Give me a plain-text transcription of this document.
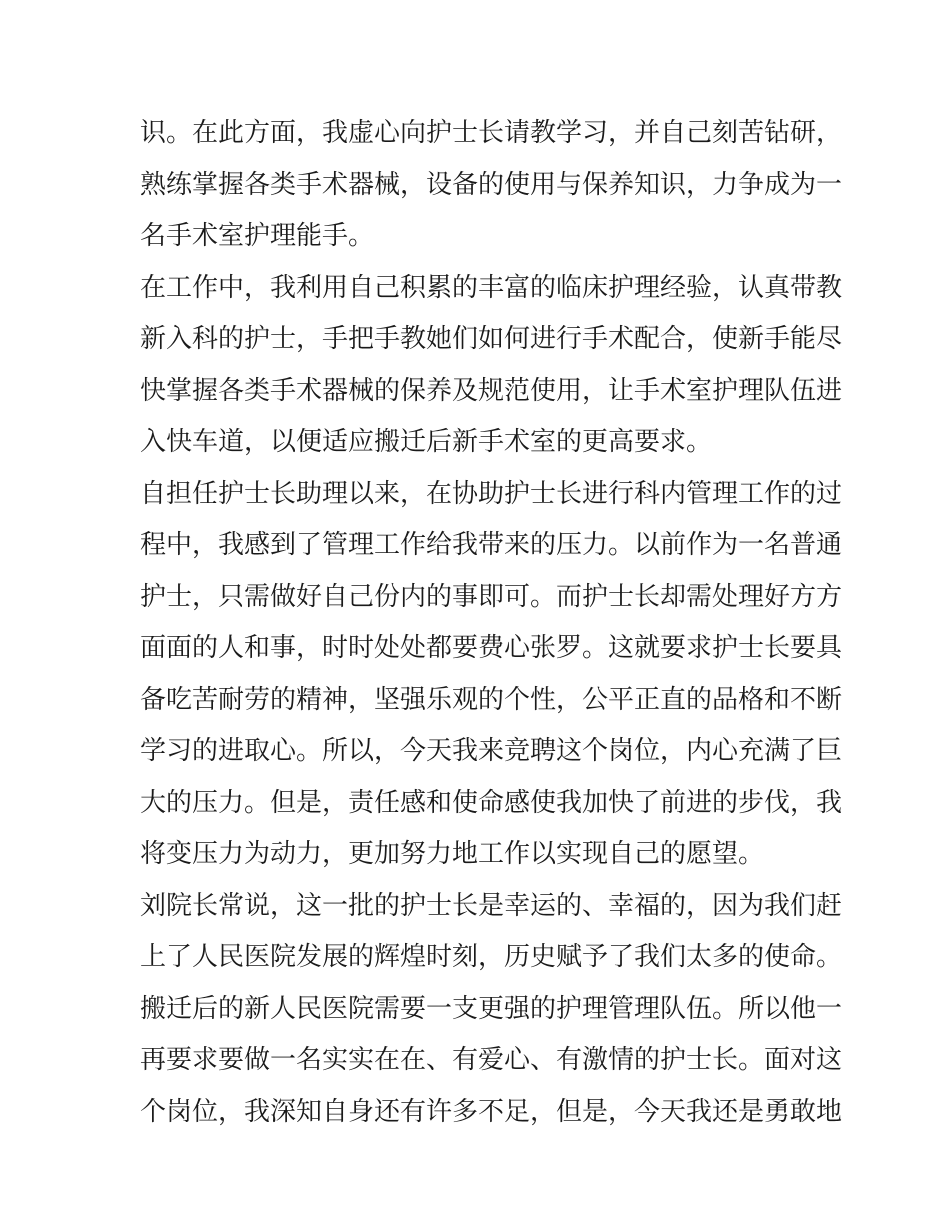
识。在此方面，我虚心向护士长请教学习，并自己刻苦钻研，
熟练掌握各类手术器械，设备的使用与保养知识，力争成为一
名手术室护理能手。
在工作中，我利用自己积累的丰富的临床护理经验，认真带教
新入科的护士，手把手教她们如何进行手术配合，使新手能尽
快掌握各类手术器械的保养及规范使用，让手术室护理队伍进
入快车道，以便适应搬迁后新手术室的更高要求。
自担任护士长助理以来，在协助护士长进行科内管理工作的过
程中，我感到了管理工作给我带来的压力。以前作为一名普通
护士，只需做好自己份内的事即可。而护士长却需处理好方方
面面的人和事，时时处处都要费心张罗。这就要求护士长要具
备吃苦耐劳的精神，坚强乐观的个性，公平正直的品格和不断
学习的进取心。所以，今天我来竞聘这个岗位，内心充满了巨
大的压力。但是，责任感和使命感使我加快了前进的步伐，我
将变压力为动力，更加努力地工作以实现自己的愿望。
刘院长常说，这一批的护士长是幸运的、幸福的，因为我们赶
上了人民医院发展的辉煌时刻，历史赋予了我们太多的使命。
搬迁后的新人民医院需要一支更强的护理管理队伍。所以他一
再要求要做一名实实在在、有爱心、有激情的护士长。面对这
个岗位，我深知自身还有许多不足，但是，今天我还是勇敢地
